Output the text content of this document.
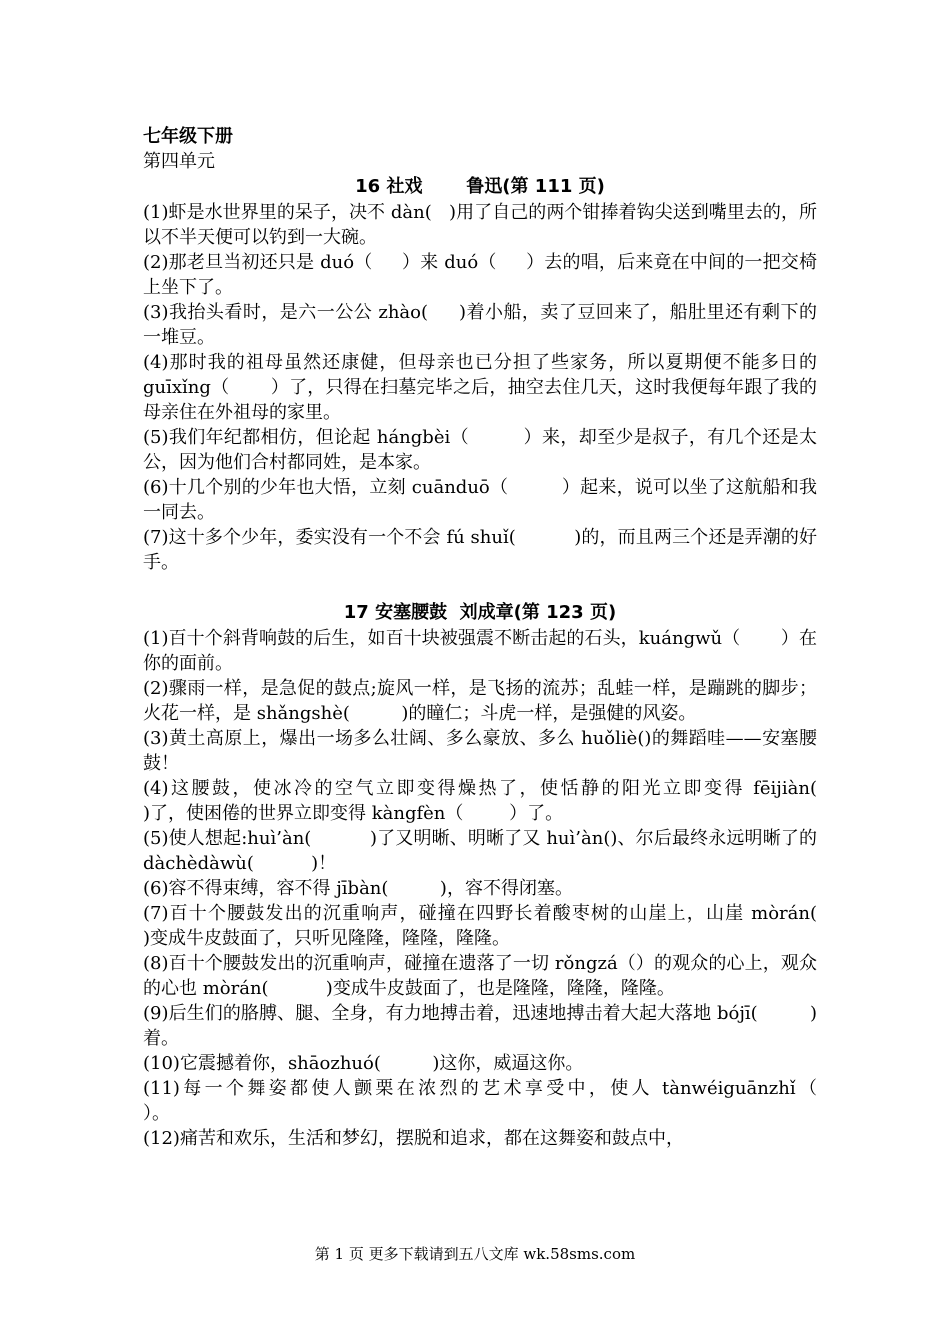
七年级下册
第四单元
16 社戏       鲁迅(第 111 页)
(1)虾是水世界里的呆子，决不 dàn(   )用了自己的两个钳捧着钩尖送到嘴里去的，所以不半天便可以钓到一大碗。
(2)那老旦当初还只是 duó（     ）来 duó（     ）去的唱，后来竟在中间的一把交椅上坐下了。
(3)我抬头看时，是六一公公 zhào(     )着小船，卖了豆回来了，船肚里还有剩下的一堆豆。
(4)那时我的祖母虽然还康健，但母亲也已分担了些家务，所以夏期便不能多日的 guīxǐng（       ）了，只得在扫墓完毕之后，抽空去住几天，这时我便每年跟了我的母亲住在外祖母的家里。
(5)我们年纪都相仿，但论起 hángbèi（         ）来，却至少是叔子，有几个还是太公，因为他们合村都同姓，是本家。
(6)十几个别的少年也大悟，立刻 cuānduō（         ）起来，说可以坐了这航船和我一同去。
(7)这十多个少年，委实没有一个不会 fú shuǐ(          )的，而且两三个还是弄潮的好手。
17 安塞腰鼓  刘成章(第 123 页)
(1)百十个斜背响鼓的后生，如百十块被强震不断击起的石头，kuángwǔ（       ）在你的面前。
(2)骤雨一样，是急促的鼓点;旋风一样，是飞扬的流苏；乱蛙一样，是蹦跳的脚步；火花一样，是 shǎngshè(         )的瞳仁；斗虎一样，是强健的风姿。
(3)黄土高原上，爆出一场多么壮阔、多么豪放、多么 huǒliè()的舞蹈哇——安塞腰鼓！
(4)这腰鼓，使冰冷的空气立即变得燥热了，使恬静的阳光立即变得 fēijiàn(            )了，使困倦的世界立即变得 kàngfèn（        ）了。
(5)使人想起:huì’àn(          )了又明晰、明晰了又 huì’àn()、尔后最终永远明晰了的 dàchèdàwù(          )！
(6)容不得束缚，容不得 jībàn(         )，容不得闭塞。
(7)百十个腰鼓发出的沉重响声，碰撞在四野长着酸枣树的山崖上，山崖 mòrán(          )变成牛皮鼓面了，只听见隆隆，隆隆，隆隆。
(8)百十个腰鼓发出的沉重响声，碰撞在遗落了一切 rǒngzá（）的观众的心上，观众的心也 mòrán(          )变成牛皮鼓面了，也是隆隆，隆隆，隆隆。
(9)后生们的胳膊、腿、全身，有力地搏击着，迅速地搏击着大起大落地 bójī(         )着。
(10)它震撼着你，shāozhuó(         )这你，威逼这你。
(11)每一个舞姿都使人颤栗在浓烈的艺术享受中，使人 tànwéiguānzhǐ（                  ）。
(12)痛苦和欢乐，生活和梦幻，摆脱和追求，都在这舞姿和鼓点中，
第 1 页 更多下载请到五八文库 wk.58sms.com
